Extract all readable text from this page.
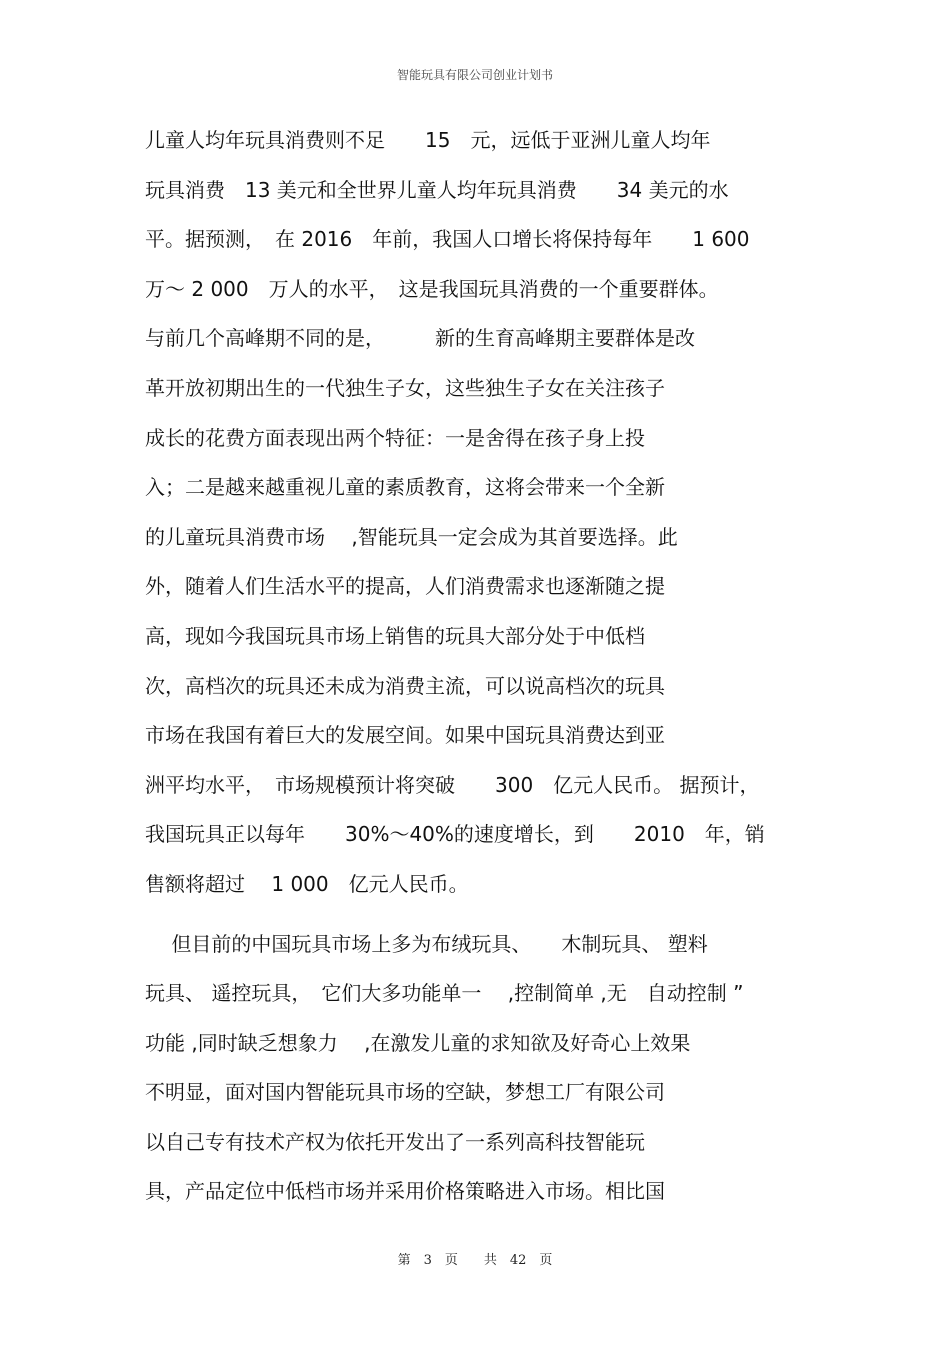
智能玩具有限公司创业计划书
儿童人均年玩具消费则不足　　15　元，远低于亚洲儿童人均年
玩具消费　13 美元和全世界儿童人均年玩具消费　　34 美元的水
平。据预测，　在 2016　年前，我国人口增长将保持每年　　1 600
万～ 2 000　万人的水平，　这是我国玩具消费的一个重要群体。
与前几个高峰期不同的是，　　　新的生育高峰期主要群体是改
革开放初期出生的一代独生子女，这些独生子女在关注孩子
成长的花费方面表现出两个特征：一是舍得在孩子身上投
入；二是越来越重视儿童的素质教育，这将会带来一个全新
的儿童玩具消费市场　 ,智能玩具一定会成为其首要选择。此
外，随着人们生活水平的提高，人们消费需求也逐渐随之提
高，现如今我国玩具市场上销售的玩具大部分处于中低档
次，高档次的玩具还未成为消费主流，可以说高档次的玩具
市场在我国有着巨大的发展空间。如果中国玩具消费达到亚
洲平均水平，　市场规模预计将突破　　300　亿元人民币。 据预计，
我国玩具正以每年　　30%～40%的速度增长，到　　2010　年，销
售额将超过　 1 000　亿元人民币。
　 但目前的中国玩具市场上多为布绒玩具、　　木制玩具、 塑料
玩具、 遥控玩具，　它们大多功能单一　 ,控制简单 ,无　自动控制 ”
功能 ,同时缺乏想象力　 ,在激发儿童的求知欲及好奇心上效果
不明显，面对国内智能玩具市场的空缺，梦想工厂有限公司
以自己专有技术产权为依托开发出了一系列高科技智能玩
具，产品定位中低档市场并采用价格策略进入市场。相比国
第　3　页　　共　42　页
